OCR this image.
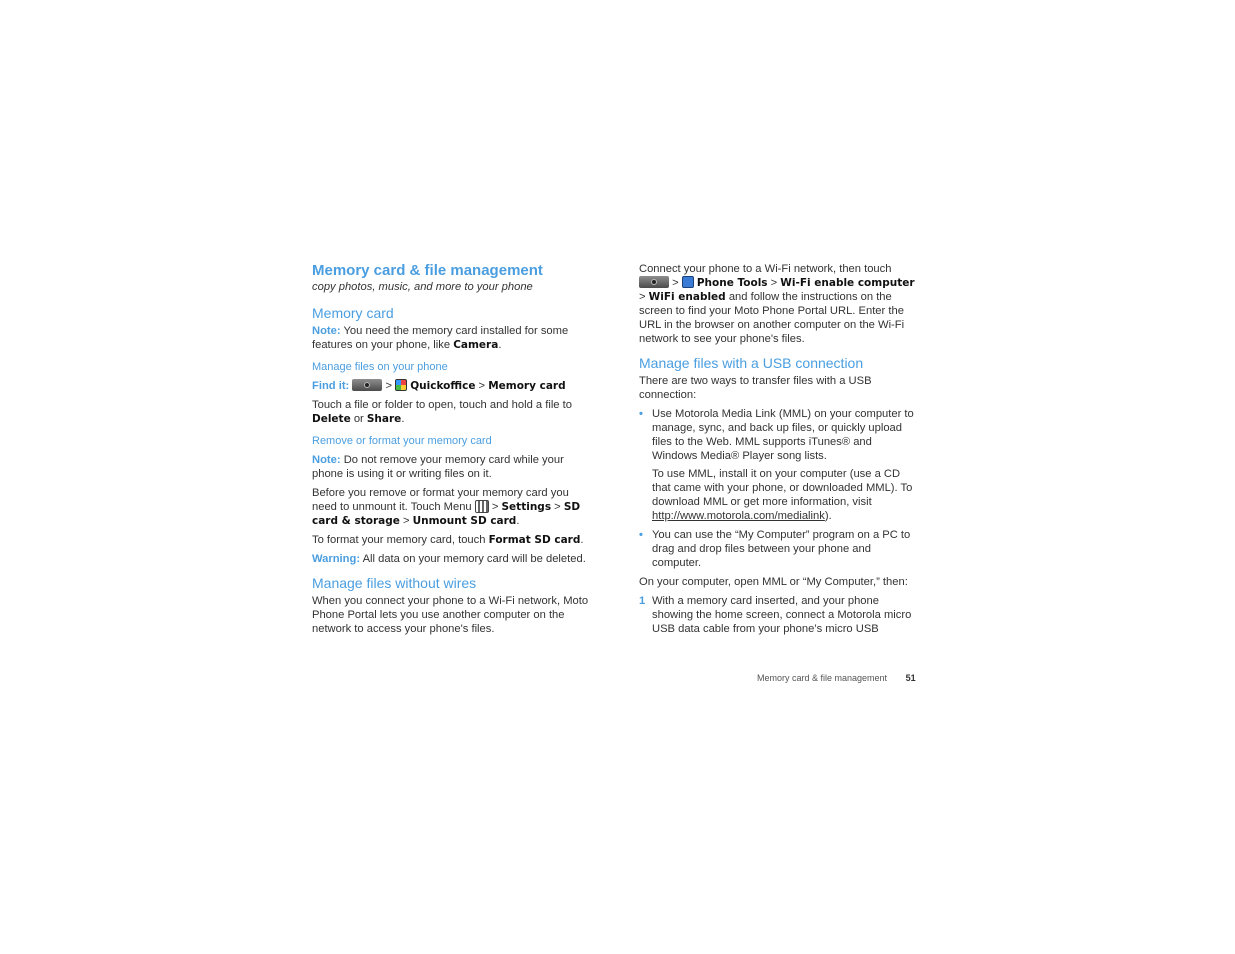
Memory card & file management

copy photos, music, and more to your phone

Memory card

Note: You need the memory card installed for some features on your phone, like Camera.

Manage files on your phone

Find it:	>  Quickoffice > Memory card

Touch a file or folder to open, touch and hold a file to Delete or Share.

Remove or format your memory card

Note: Do not remove your memory card while your phone is using it or writing files on it.

Before you remove or format your memory card you need to unmount it. Touch Menu  > Settings > SD card & storage > Unmount SD card.

To format your memory card, touch Format SD card.

Warning: All data on your memory card will be deleted.

Manage files without wires

When you connect your phone to a Wi-Fi network, Moto Phone Portal lets you use another computer on the network to access your phone's files.

Connect your phone to a Wi-Fi network, then touch
>  Phone Tools > Wi-Fi enable computer
> WiFi enabled and follow the instructions on the screen to find your Moto Phone Portal URL. Enter the URL in the browser on another computer on the Wi-Fi network to see your phone's files.

Manage files with a USB connection

There are two ways to transfer files with a USB connection:

• Use Motorola Media Link (MML) on your computer to manage, sync, and back up files, or quickly upload files to the Web. MML supports iTunes® and Windows Media® Player song lists.

To use MML, install it on your computer (use a CD that came with your phone, or downloaded MML). To download MML or get more information, visit http://www.motorola.com/medialink).

• You can use the “My Computer” program on a PC to drag and drop files between your phone and computer.

On your computer, open MML or “My Computer,” then:

1 With a memory card inserted, and your phone showing the home screen, connect a Motorola micro USB data cable from your phone’s micro USB
Memory card & file management 51
